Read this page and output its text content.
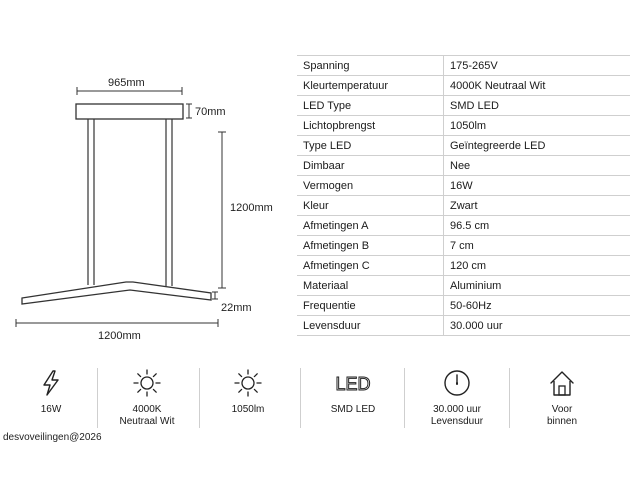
965mm
70mm
1200mm
22mm
1200mm
Spanning	175-265V
Kleurtemperatuur	4000K Neutraal Wit
LED Type	SMD LED
Lichtopbrengst	1050lm
Type LED	Geïntegreerde LED
Dimbaar	Nee
Vermogen	16W
Kleur	Zwart
Afmetingen A	96.5 cm
Afmetingen B	7 cm
Afmetingen C	120 cm
Materiaal	Aluminium
Frequentie	50-60Hz
Levensduur	30.000 uur
16W	4000K
Neutraal Wit
1050lm
LED
SMD LED	30.000 uur
Levensduur
Voor
binnen
desvoveilingen@2026
